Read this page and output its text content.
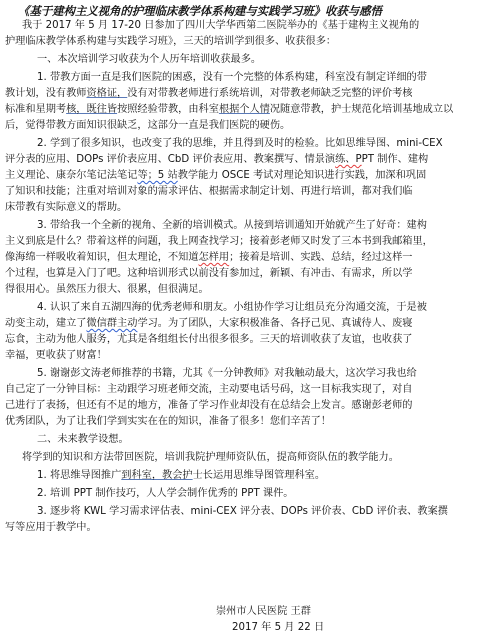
《基于建构主义视角的护理临床教学体系构建与实践学习班》收获与感悟
我于 2017 年 5 月 17-20 日参加了四川大学华西第二医院举办的《基于建构主义视角的
护理临床教学体系构建与实践学习班》，三天的培训学到很多、收获很多：
一、本次培训学习收获为个人历年培训收获最多。
1. 带教方面一直是我们医院的困惑，没有一个完整的体系构建，科室没有制定详细的带
教计划，没有教师资格证，没有对带教老师进行系统培训，对带教老师缺乏完整的评价考核
标准和星期考核，既往皆按照经验带教，由科室根据个人情况随意带教，护士规范化培训基地成立以
后，觉得带教方面知识很缺乏，这部分一直是我们医院的硬伤。
2. 学到了很多知识，也改变了我的思维，并且得到及时的检验。比如思维导图、mini-CEX
评分表的应用、DOPs 评价表应用、CbD 评价表应用、教案撰写、情景演练、PPT 制作、建构
主义理论、康奈尔笔记法笔记等；5 站教学能力 OSCE 考试对理论知识进行实践，加深和巩固
了知识和技能；注重对培训对象的需求评估、根据需求制定计划、再进行培训，都对我们临
床带教有实际意义的帮助。
3. 带给我一个全新的视角、全新的培训模式。从接到培训通知开始就产生了好奇：建构
主义到底是什么？带着这样的问题，我上网查找学习；接着彭老师又时发了三本书到我邮箱里，
像海绵一样吸收着知识，但太理论，不知道怎样用；接着是培训、实践、总结，经过这样一
个过程，也算是入门了吧。这种培训形式以前没有参加过，新颖、有冲击、有需求，所以学
得很用心。虽然压力很大、很累，但很满足。
4. 认识了来自五湖四海的优秀老师和朋友。小组协作学习让组员充分沟通交流，于是被
动变主动，建立了微信群主动学习。为了团队，大家积极准备、各抒己见、真诚待人、废寝
忘食，主动为他人服务，尤其是各组组长付出很多很多。三天的培训收获了友谊，也收获了
幸福，更收获了财富！
5. 谢谢彭文涛老师推荐的书籍，尤其《一分钟教师》对我触动最大，这次学习我也给
自己定了一分钟目标：主动跟学习班老师交流，主动要电话号码，这一目标我实现了，对自
己进行了表扬，但还有不足的地方，准备了学习作业却没有在总结会上发言。感谢彭老师的
优秀团队，为了让我们学到实实在在的知识，准备了很多！您们辛苦了！
二、未来教学设想。
将学到的知识和方法带回医院，培训我院护理师资队伍，提高师资队伍的教学能力。
1. 将思维导图推广到科室，教会护士长运用思维导图管理科室。
2. 培训 PPT 制作技巧，人人学会制作优秀的 PPT 课件。
3. 逐步将 KWL 学习需求评估表、mini-CEX 评分表、DOPs 评价表、CbD 评价表、教案撰
写等应用于教学中。
崇州市人民医院 王群
2017 年 5 月 22 日
